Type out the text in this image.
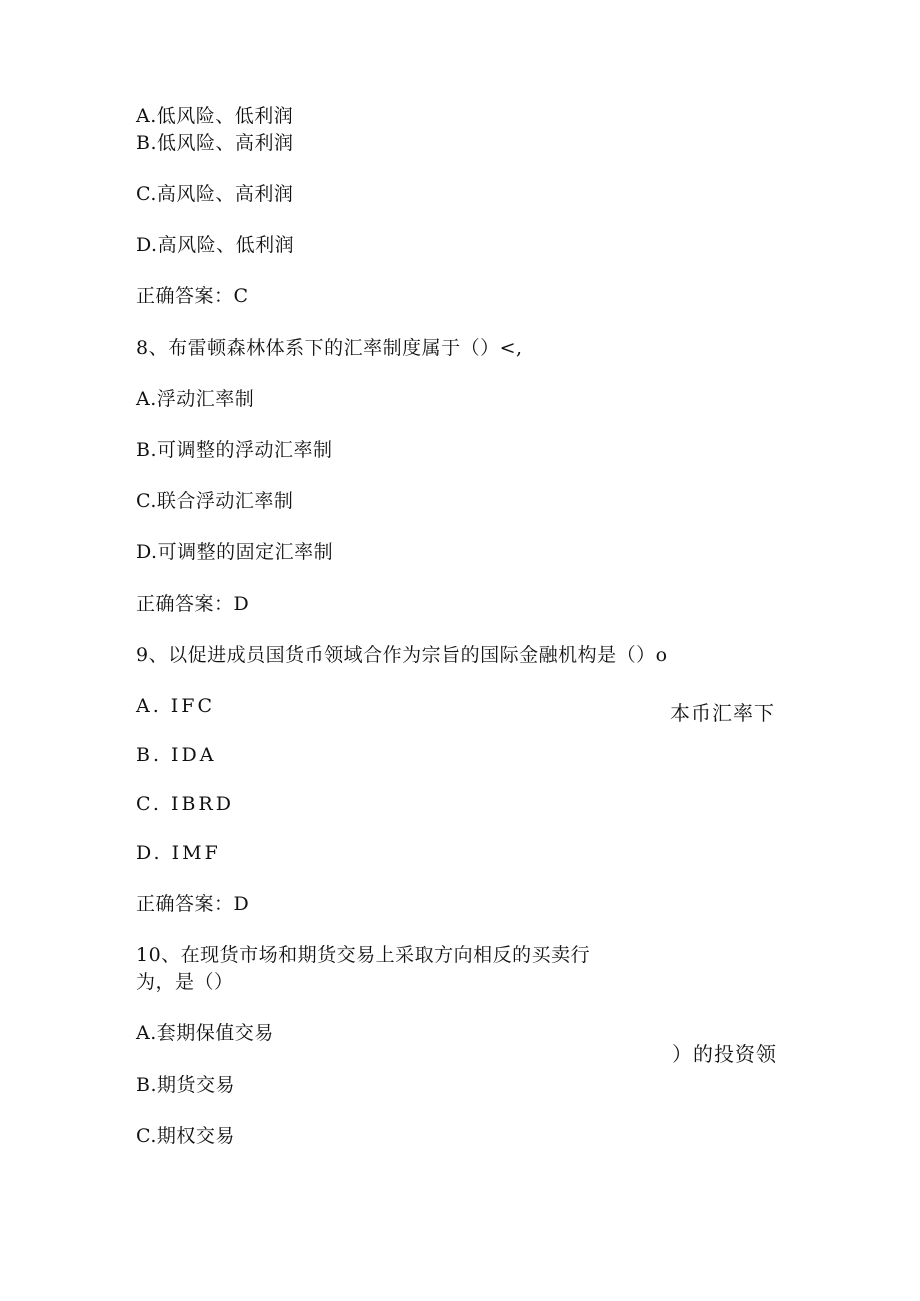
A.低风险、低利润
B.低风险、高利润
C.高风险、高利润
D.高风险、低利润
正确答案：C
8、布雷顿森林体系下的汇率制度属于（）<,
A.浮动汇率制
B.可调整的浮动汇率制
C.联合浮动汇率制
D.可调整的固定汇率制
正确答案：D
9、以促进成员国货币领域合作为宗旨的国际金融机构是（）o
A. IFC
B. IDA
C. IBRD
D. IMF
正确答案：D
10、在现货市场和期货交易上采取方向相反的买卖行
为，是（）
A.套期保值交易
B.期货交易
C.期权交易
本币汇率下
）的投资领
